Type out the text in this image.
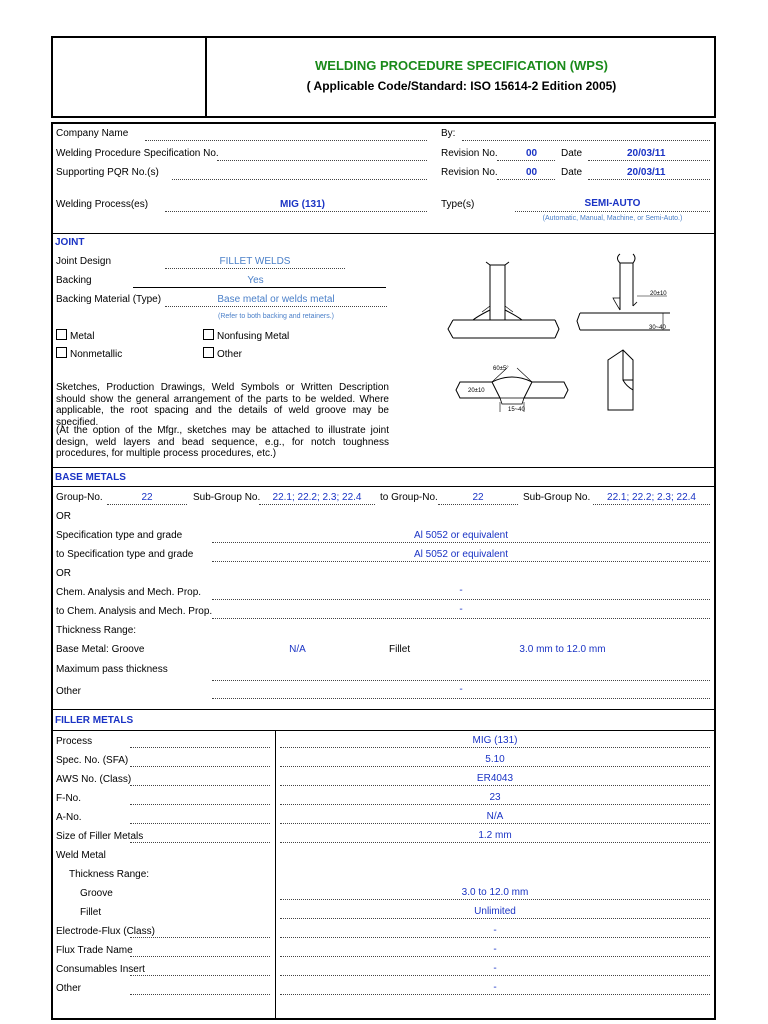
WELDING PROCEDURE SPECIFICATION (WPS)
( Applicable Code/Standard: ISO 15614-2 Edition 2005)
Company Name	By:
Welding Procedure Specification No.	Revision No.	00 Date	20/03/11
Supporting PQR No.(s)	Revision No.	00 Date	20/03/11
Welding Process(es)	MIG (131)	Type(s)	SEMI-AUTO
(Automatic, Manual, Machine, or Semi-Auto.)
JOINT
Joint Design	FILLET WELDS
Backing	Yes
Backing Material (Type)	Base metal or welds metal
(Refer to both backing and retainers.)
Metal	Nonfusing Metal
Nonmetallic	Other
Sketches, Production Drawings, Weld Symbols or Written Description should show the general arrangement of the parts to be welded. Where applicable, the root spacing and the details of weld groove may be specified.
(At the option of the Mfgr., sketches may be attached to illustrate joint design, weld layers and bead sequence, e.g., for notch toughness procedures, for multiple process procedures, etc.)
20±10
30~40
60±5°
20±10
15~40
BASE METALS
Group-No.	22	Sub-Group No.	22.1; 22.2; 2.3; 22.4	to Group-No.	22	Sub-Group No.	22.1; 22.2; 2.3; 22.4
OR
Specification type and grade	Al 5052 or equivalent
to Specification type and grade	Al 5052 or equivalent
OR
Chem. Analysis and Mech. Prop.	-
to Chem. Analysis and Mech. Prop.	-
Thickness Range:
Base Metal: Groove	N/A	Fillet	3.0 mm to 12.0 mm
Maximum pass thickness
Other	-
FILLER METALS
Process	MIG (131)
Spec. No. (SFA)	5.10
AWS No. (Class)	ER4043
F-No.	23
A-No.	N/A
Size of Filler Metals	1.2 mm
Weld Metal
Thickness Range:
Groove	3.0 to 12.0 mm
Fillet	Unlimited
Electrode-Flux (Class)	-
Flux Trade Name	-
Consumables Insert	-
Other	-
